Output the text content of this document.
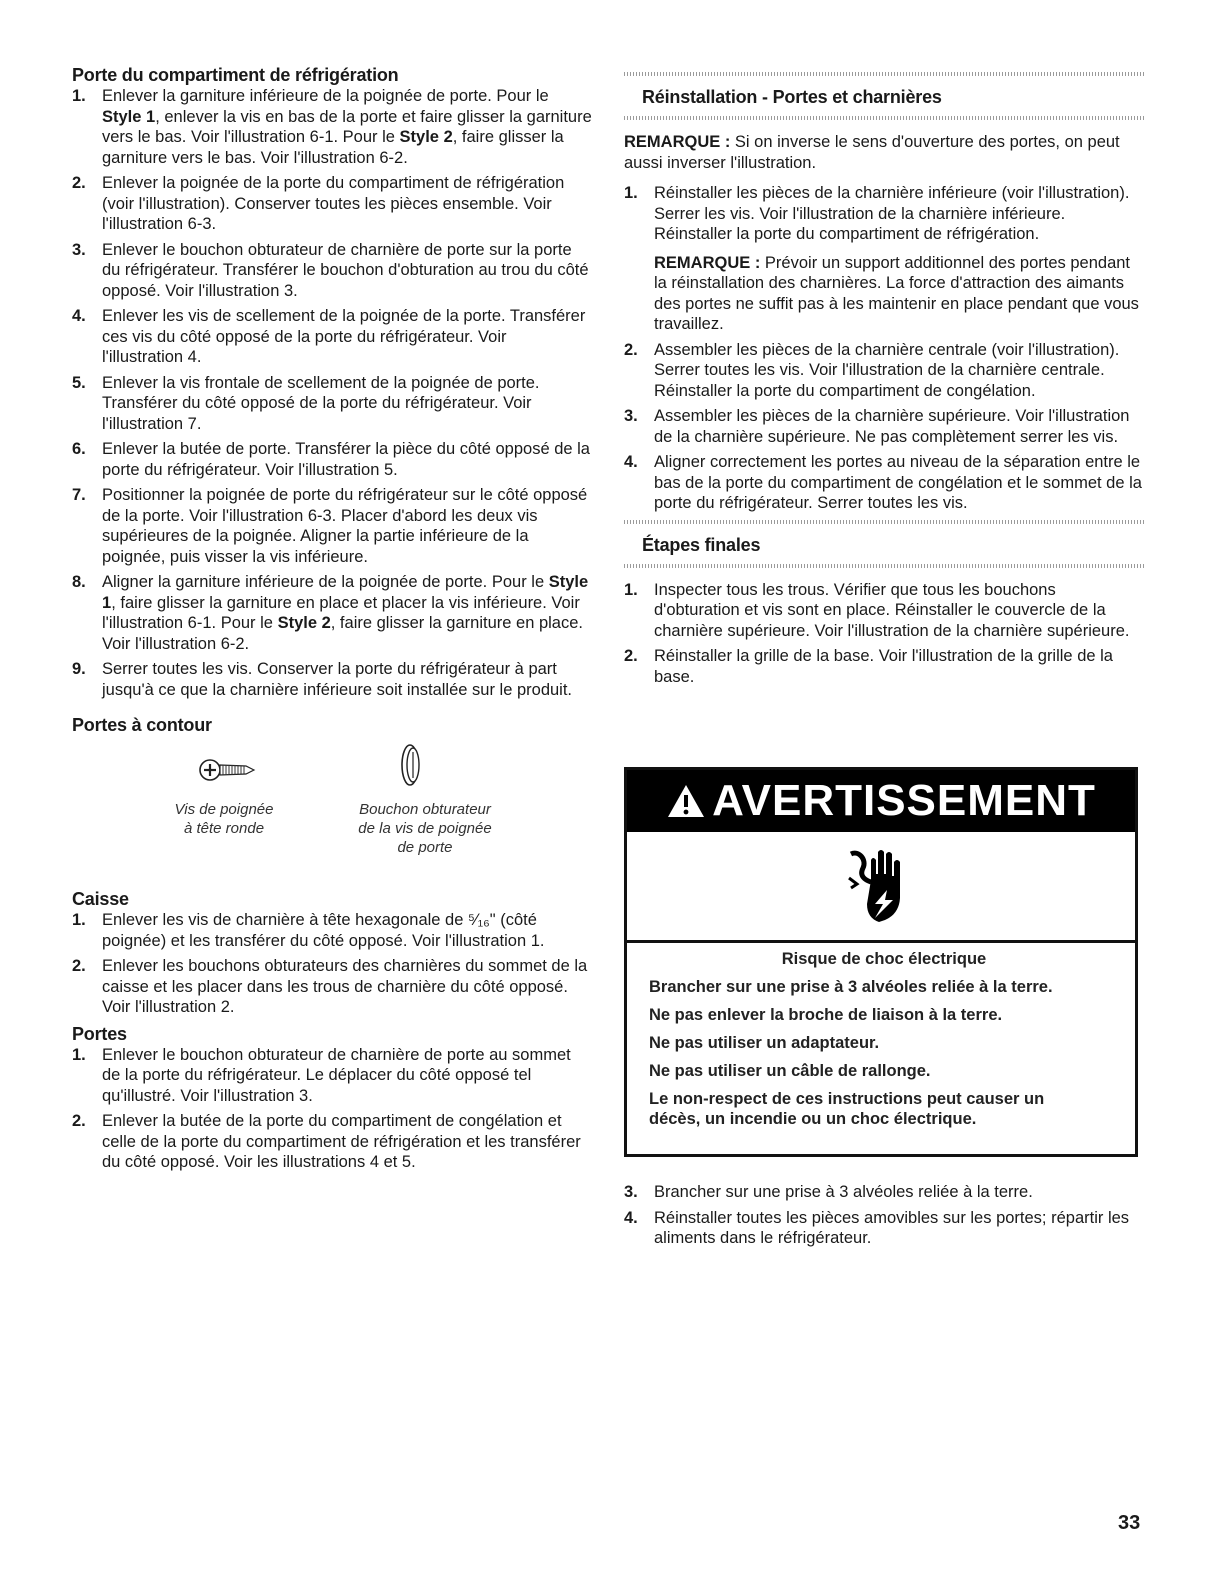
Porte du compartiment de réfrigération
1. Enlever la garniture inférieure de la poignée de porte. Pour le Style 1, enlever la vis en bas de la porte et faire glisser la garniture vers le bas. Voir l'illustration 6-1. Pour le Style 2, faire glisser la garniture vers le bas. Voir l'illustration 6-2.
2. Enlever la poignée de la porte du compartiment de réfrigération (voir l'illustration). Conserver toutes les pièces ensemble. Voir l'illustration 6-3.
3. Enlever le bouchon obturateur de charnière de porte sur la porte du réfrigérateur. Transférer le bouchon d'obturation au trou du côté opposé. Voir l'illustration 3.
4. Enlever les vis de scellement de la poignée de la porte. Transférer ces vis du côté opposé de la porte du réfrigérateur. Voir l'illustration 4.
5. Enlever la vis frontale de scellement de la poignée de porte. Transférer du côté opposé de la porte du réfrigérateur. Voir l'illustration 7.
6. Enlever la butée de porte. Transférer la pièce du côté opposé de la porte du réfrigérateur. Voir l'illustration 5.
7. Positionner la poignée de porte du réfrigérateur sur le côté opposé de la porte. Voir l'illustration 6-3. Placer d'abord les deux vis supérieures de la poignée. Aligner la partie inférieure de la poignée, puis visser la vis inférieure.
8. Aligner la garniture inférieure de la poignée de porte. Pour le Style 1, faire glisser la garniture en place et placer la vis inférieure. Voir l'illustration 6-1. Pour le Style 2, faire glisser la garniture en place. Voir l'illustration 6-2.
9. Serrer toutes les vis. Conserver la porte du réfrigérateur à part jusqu'à ce que la charnière inférieure soit installée sur le produit.
Portes à contour
Vis de poignée
à tête ronde
Bouchon obturateur
de la vis de poignée
de porte
Caisse
1. Enlever les vis de charnière à tête hexagonale de ⁵⁄₁₆" (côté poignée) et les transférer du côté opposé. Voir l'illustration 1.
2. Enlever les bouchons obturateurs des charnières du sommet de la caisse et les placer dans les trous de charnière du côté opposé. Voir l'illustration 2.
Portes
1. Enlever le bouchon obturateur de charnière de porte au sommet de la porte du réfrigérateur. Le déplacer du côté opposé tel qu'illustré. Voir l'illustration 3.
2. Enlever la butée de la porte du compartiment de congélation et celle de la porte du compartiment de réfrigération et les transférer du côté opposé. Voir les illustrations 4 et 5.
Réinstallation - Portes et charnières

REMARQUE : Si on inverse le sens d'ouverture des portes, on peut aussi inverser l'illustration.

1. Réinstaller les pièces de la charnière inférieure (voir l'illustration). Serrer les vis. Voir l'illustration de la charnière inférieure. Réinstaller la porte du compartiment de réfrigération.
REMARQUE : Prévoir un support additionnel des portes pendant la réinstallation des charnières. La force d'attraction des aimants des portes ne suffit pas à les maintenir en place pendant que vous travaillez.
2. Assembler les pièces de la charnière centrale (voir l'illustration). Serrer toutes les vis. Voir l'illustration de la charnière centrale. Réinstaller la porte du compartiment de congélation.
3. Assembler les pièces de la charnière supérieure. Voir l'illustration de la charnière supérieure. Ne pas complètement serrer les vis.
4. Aligner correctement les portes au niveau de la séparation entre le bas de la porte du compartiment de congélation et le sommet de la porte du réfrigérateur. Serrer toutes les vis.
Étapes finales
1. Inspecter tous les trous. Vérifier que tous les bouchons d'obturation et vis sont en place. Réinstaller le couvercle de la charnière supérieure. Voir l'illustration de la charnière supérieure.
2. Réinstaller la grille de la base. Voir l'illustration de la grille de la base.
AVERTISSEMENT

Risque de choc électrique

Brancher sur une prise à 3 alvéoles reliée à la terre.

Ne pas enlever la broche de liaison à la terre.

Ne pas utiliser un adaptateur.

Ne pas utiliser un câble de rallonge.

Le non-respect de ces instructions peut causer un décès, un incendie ou un choc électrique.

3. Brancher sur une prise à 3 alvéoles reliée à la terre.
4. Réinstaller toutes les pièces amovibles sur les portes; répartir les aliments dans le réfrigérateur.
33
